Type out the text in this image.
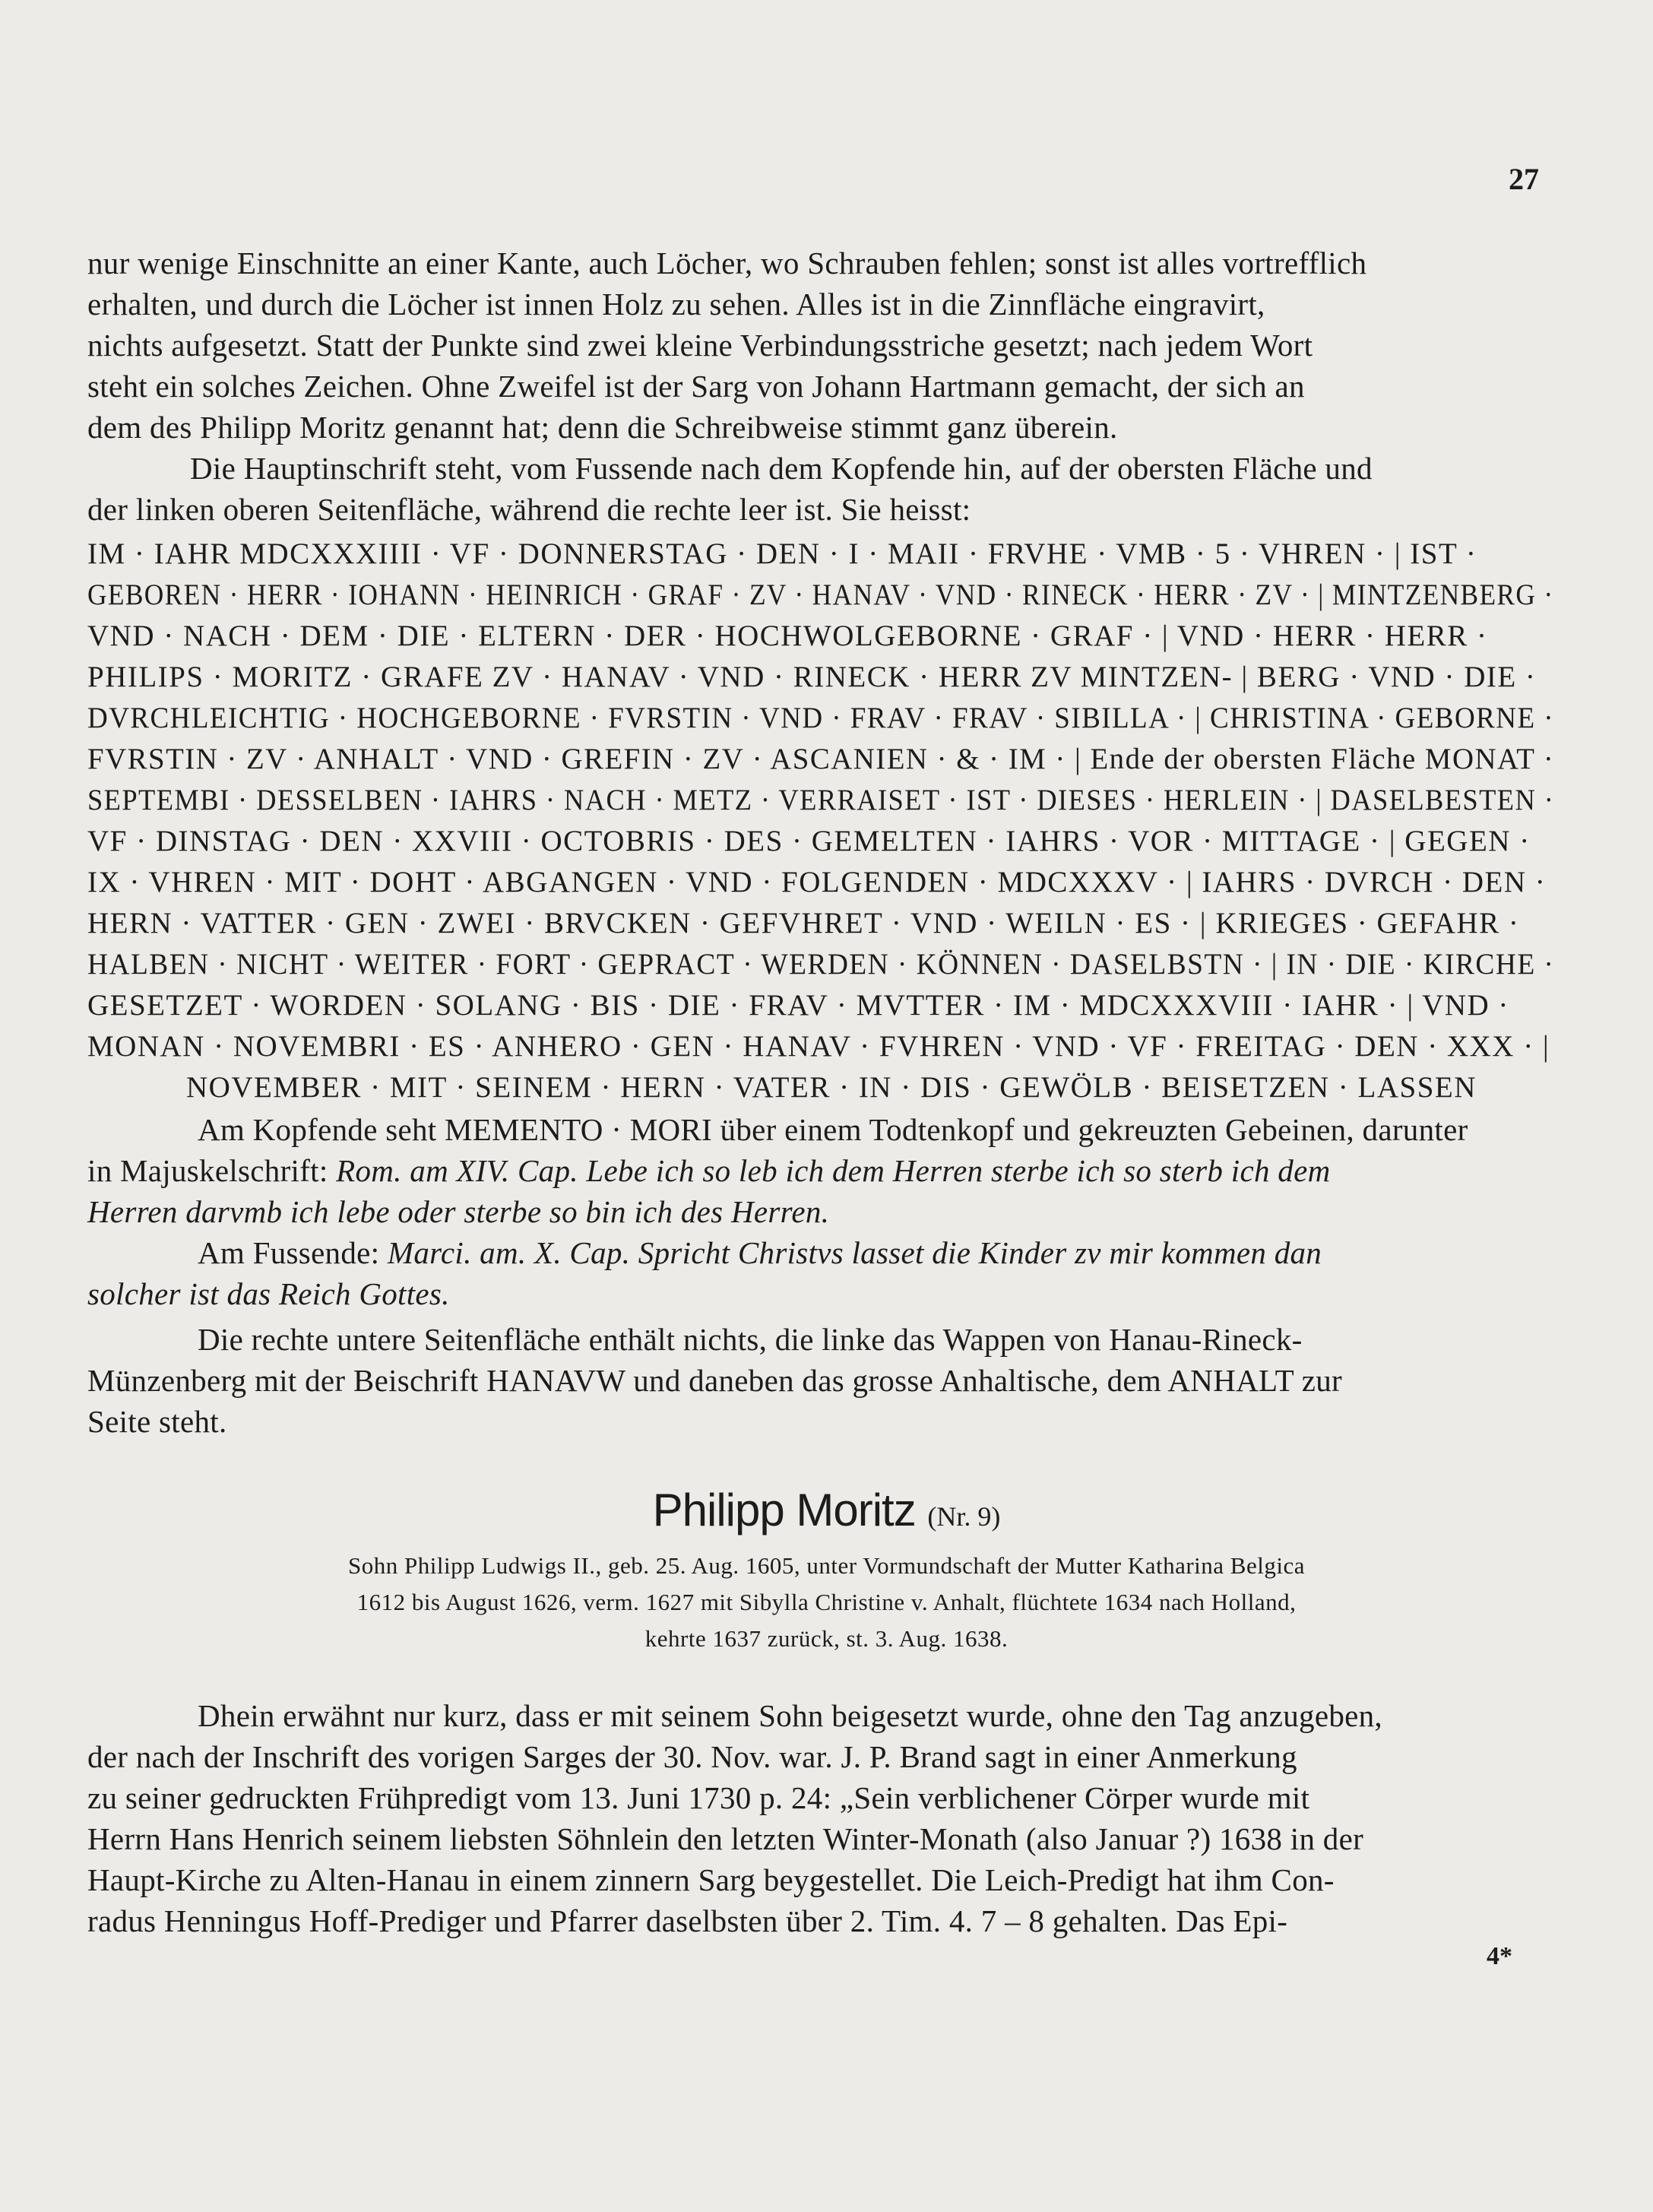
27
nur wenige Einschnitte an einer Kante, auch Löcher, wo Schrauben fehlen; sonst ist alles vortrefflich
erhalten, und durch die Löcher ist innen Holz zu sehen. Alles ist in die Zinnfläche eingravirt,
nichts aufgesetzt. Statt der Punkte sind zwei kleine Verbindungsstriche gesetzt; nach jedem Wort
steht ein solches Zeichen. Ohne Zweifel ist der Sarg von Johann Hartmann gemacht, der sich an
dem des Philipp Moritz genannt hat; denn die Schreibweise stimmt ganz überein.
Die Hauptinschrift steht, vom Fussende nach dem Kopfende hin, auf der obersten Fläche und
der linken oberen Seitenfläche, während die rechte leer ist. Sie heisst:
IM · IAHR MDCXXXIIII · VF · DONNERSTAG · DEN · I · MAII · FRVHE · VMB · 5 · VHREN · | IST ·
GEBOREN · HERR · IOHANN · HEINRICH · GRAF · ZV · HANAV · VND · RINECK · HERR · ZV · | MINTZENBERG ·
VND · NACH · DEM · DIE · ELTERN · DER · HOCHWOLGEBORNE · GRAF · | VND · HERR · HERR ·
PHILIPS · MORITZ · GRAFE ZV · HANAV · VND · RINECK · HERR ZV MINTZEN- | BERG · VND · DIE ·
DVRCHLEICHTIG · HOCHGEBORNE · FVRSTIN · VND · FRAV · FRAV · SIBILLA · | CHRISTINA · GEBORNE ·
FVRSTIN · ZV · ANHALT · VND · GREFIN · ZV · ASCANIEN · & · IM · | Ende der obersten Fläche MONAT ·
SEPTEMBI · DESSELBEN · IAHRS · NACH · METZ · VERRAISET · IST · DIESES · HERLEIN · | DASELBESTEN ·
VF · DINSTAG · DEN · XXVIII · OCTOBRIS · DES · GEMELTEN · IAHRS · VOR · MITTAGE · | GEGEN ·
IX · VHREN · MIT · DOHT · ABGANGEN · VND · FOLGENDEN · MDCXXXV · | IAHRS · DVRCH · DEN ·
HERN · VATTER · GEN · ZWEI · BRVCKEN · GEFVHRET · VND · WEILN · ES · | KRIEGES · GEFAHR ·
HALBEN · NICHT · WEITER · FORT · GEPRACT · WERDEN · KÖNNEN · DASELBSTN · | IN · DIE · KIRCHE ·
GESETZET · WORDEN · SOLANG · BIS · DIE · FRAV · MVTTER · IM · MDCXXXVIII · IAHR · | VND ·
MONAN · NOVEMBRI · ES · ANHERO · GEN · HANAV · FVHREN · VND · VF · FREITAG · DEN · XXX · |
NOVEMBER · MIT · SEINEM · HERN · VATER · IN · DIS · GEWÖLB · BEISETZEN · LASSEN
Am Kopfende seht MEMENTO · MORI über einem Todtenkopf und gekreuzten Gebeinen, darunter
in Majuskelschrift: Rom. am XIV. Cap. Lebe ich so leb ich dem Herren sterbe ich so sterb ich dem
Herren darvmb ich lebe oder sterbe so bin ich des Herren.
Am Fussende: Marci. am. X. Cap. Spricht Christvs lasset die Kinder zv mir kommen dan
solcher ist das Reich Gottes.
Die rechte untere Seitenfläche enthält nichts, die linke das Wappen von Hanau-Rineck-
Münzenberg mit der Beischrift HANAVW und daneben das grosse Anhaltische, dem ANHALT zur
Seite steht.
Philipp Moritz (Nr. 9)
Sohn Philipp Ludwigs II., geb. 25. Aug. 1605, unter Vormundschaft der Mutter Katharina Belgica
1612 bis August 1626, verm. 1627 mit Sibylla Christine v. Anhalt, flüchtete 1634 nach Holland,
kehrte 1637 zurück, st. 3. Aug. 1638.
Dhein erwähnt nur kurz, dass er mit seinem Sohn beigesetzt wurde, ohne den Tag anzugeben,
der nach der Inschrift des vorigen Sarges der 30. Nov. war. J. P. Brand sagt in einer Anmerkung
zu seiner gedruckten Frühpredigt vom 13. Juni 1730 p. 24: „Sein verblichener Cörper wurde mit
Herrn Hans Henrich seinem liebsten Söhnlein den letzten Winter-Monath (also Januar ?) 1638 in der
Haupt-Kirche zu Alten-Hanau in einem zinnern Sarg beygestellet. Die Leich-Predigt hat ihm Con-
radus Henningus Hoff-Prediger und Pfarrer daselbsten über 2. Tim. 4. 7 – 8 gehalten. Das Epi-
4*
